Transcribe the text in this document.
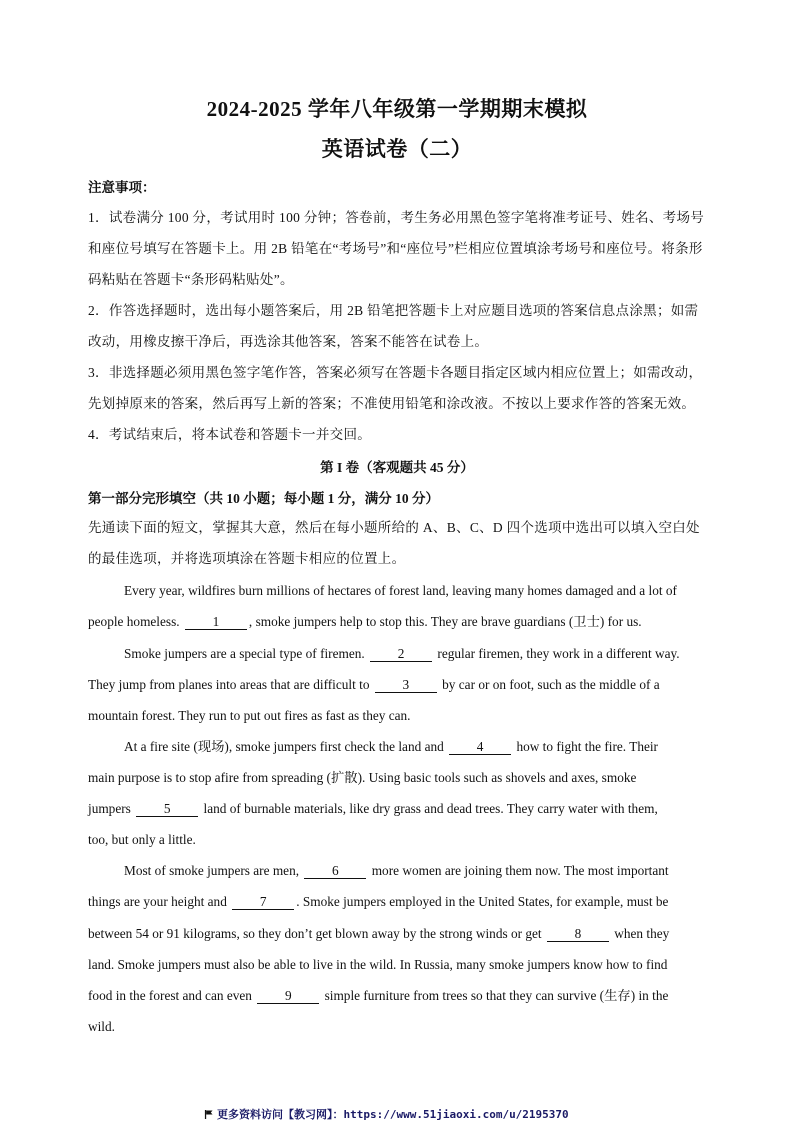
2024-2025 学年八年级第一学期期末模拟
英语试卷（二）
注意事项：
1．试卷满分 100 分，考试用时 100 分钟；答卷前，考生务必用黑色签字笔将准考证号、姓名、考场号
和座位号填写在答题卡上。用 2B 铅笔在“考场号”和“座位号”栏相应位置填涂考场号和座位号。将条形
码粘贴在答题卡“条形码粘贴处”。
2．作答选择题时，选出每小题答案后，用 2B 铅笔把答题卡上对应题目选项的答案信息点涂黑；如需
改动，用橡皮擦干净后，再选涂其他答案，答案不能答在试卷上。
3．非选择题必须用黑色签字笔作答，答案必须写在答题卡各题目指定区域内相应位置上；如需改动，
先划掉原来的答案，然后再写上新的答案；不准使用铅笔和涂改液。不按以上要求作答的答案无效。
4．考试结束后，将本试卷和答题卡一并交回。
第 I 卷（客观题共 45 分）
第一部分完形填空（共 10 小题；每小题 1 分，满分 10 分）
先通读下面的短文，掌握其大意，然后在每小题所给的 A、B、C、D 四个选项中选出可以填入空白处
的最佳选项，并将选项填涂在答题卡相应的位置上。
Every year, wildfires burn millions of hectares of forest land, leaving many homes damaged and a lot of
people homeless. 1 , smoke jumpers help to stop this. They are brave guardians (卫士) for us.
Smoke jumpers are a special type of firemen. 2 regular firemen, they work in a different way.
They jump from planes into areas that are difficult to 3 by car or on foot, such as the middle of a
mountain forest. They run to put out fires as fast as they can.
At a fire site (现场), smoke jumpers first check the land and 4 how to fight the fire. Their
main purpose is to stop afire from spreading (扩散). Using basic tools such as shovels and axes, smoke
jumpers 5 land of burnable materials, like dry grass and dead trees. They carry water with them,
too, but only a little.
Most of smoke jumpers are men, 6 more women are joining them now. The most important
things are your height and 7 . Smoke jumpers employed in the United States, for example, must be
between 54 or 91 kilograms, so they don’t get blown away by the strong winds or get 8 when they
land. Smoke jumpers must also be able to live in the wild. In Russia, many smoke jumpers know how to find
food in the forest and can even 9 simple furniture from trees so that they can survive (生存) in the
wild.
更多资料访问【教习网】：https://www.51jiaoxi.com/u/2195370
